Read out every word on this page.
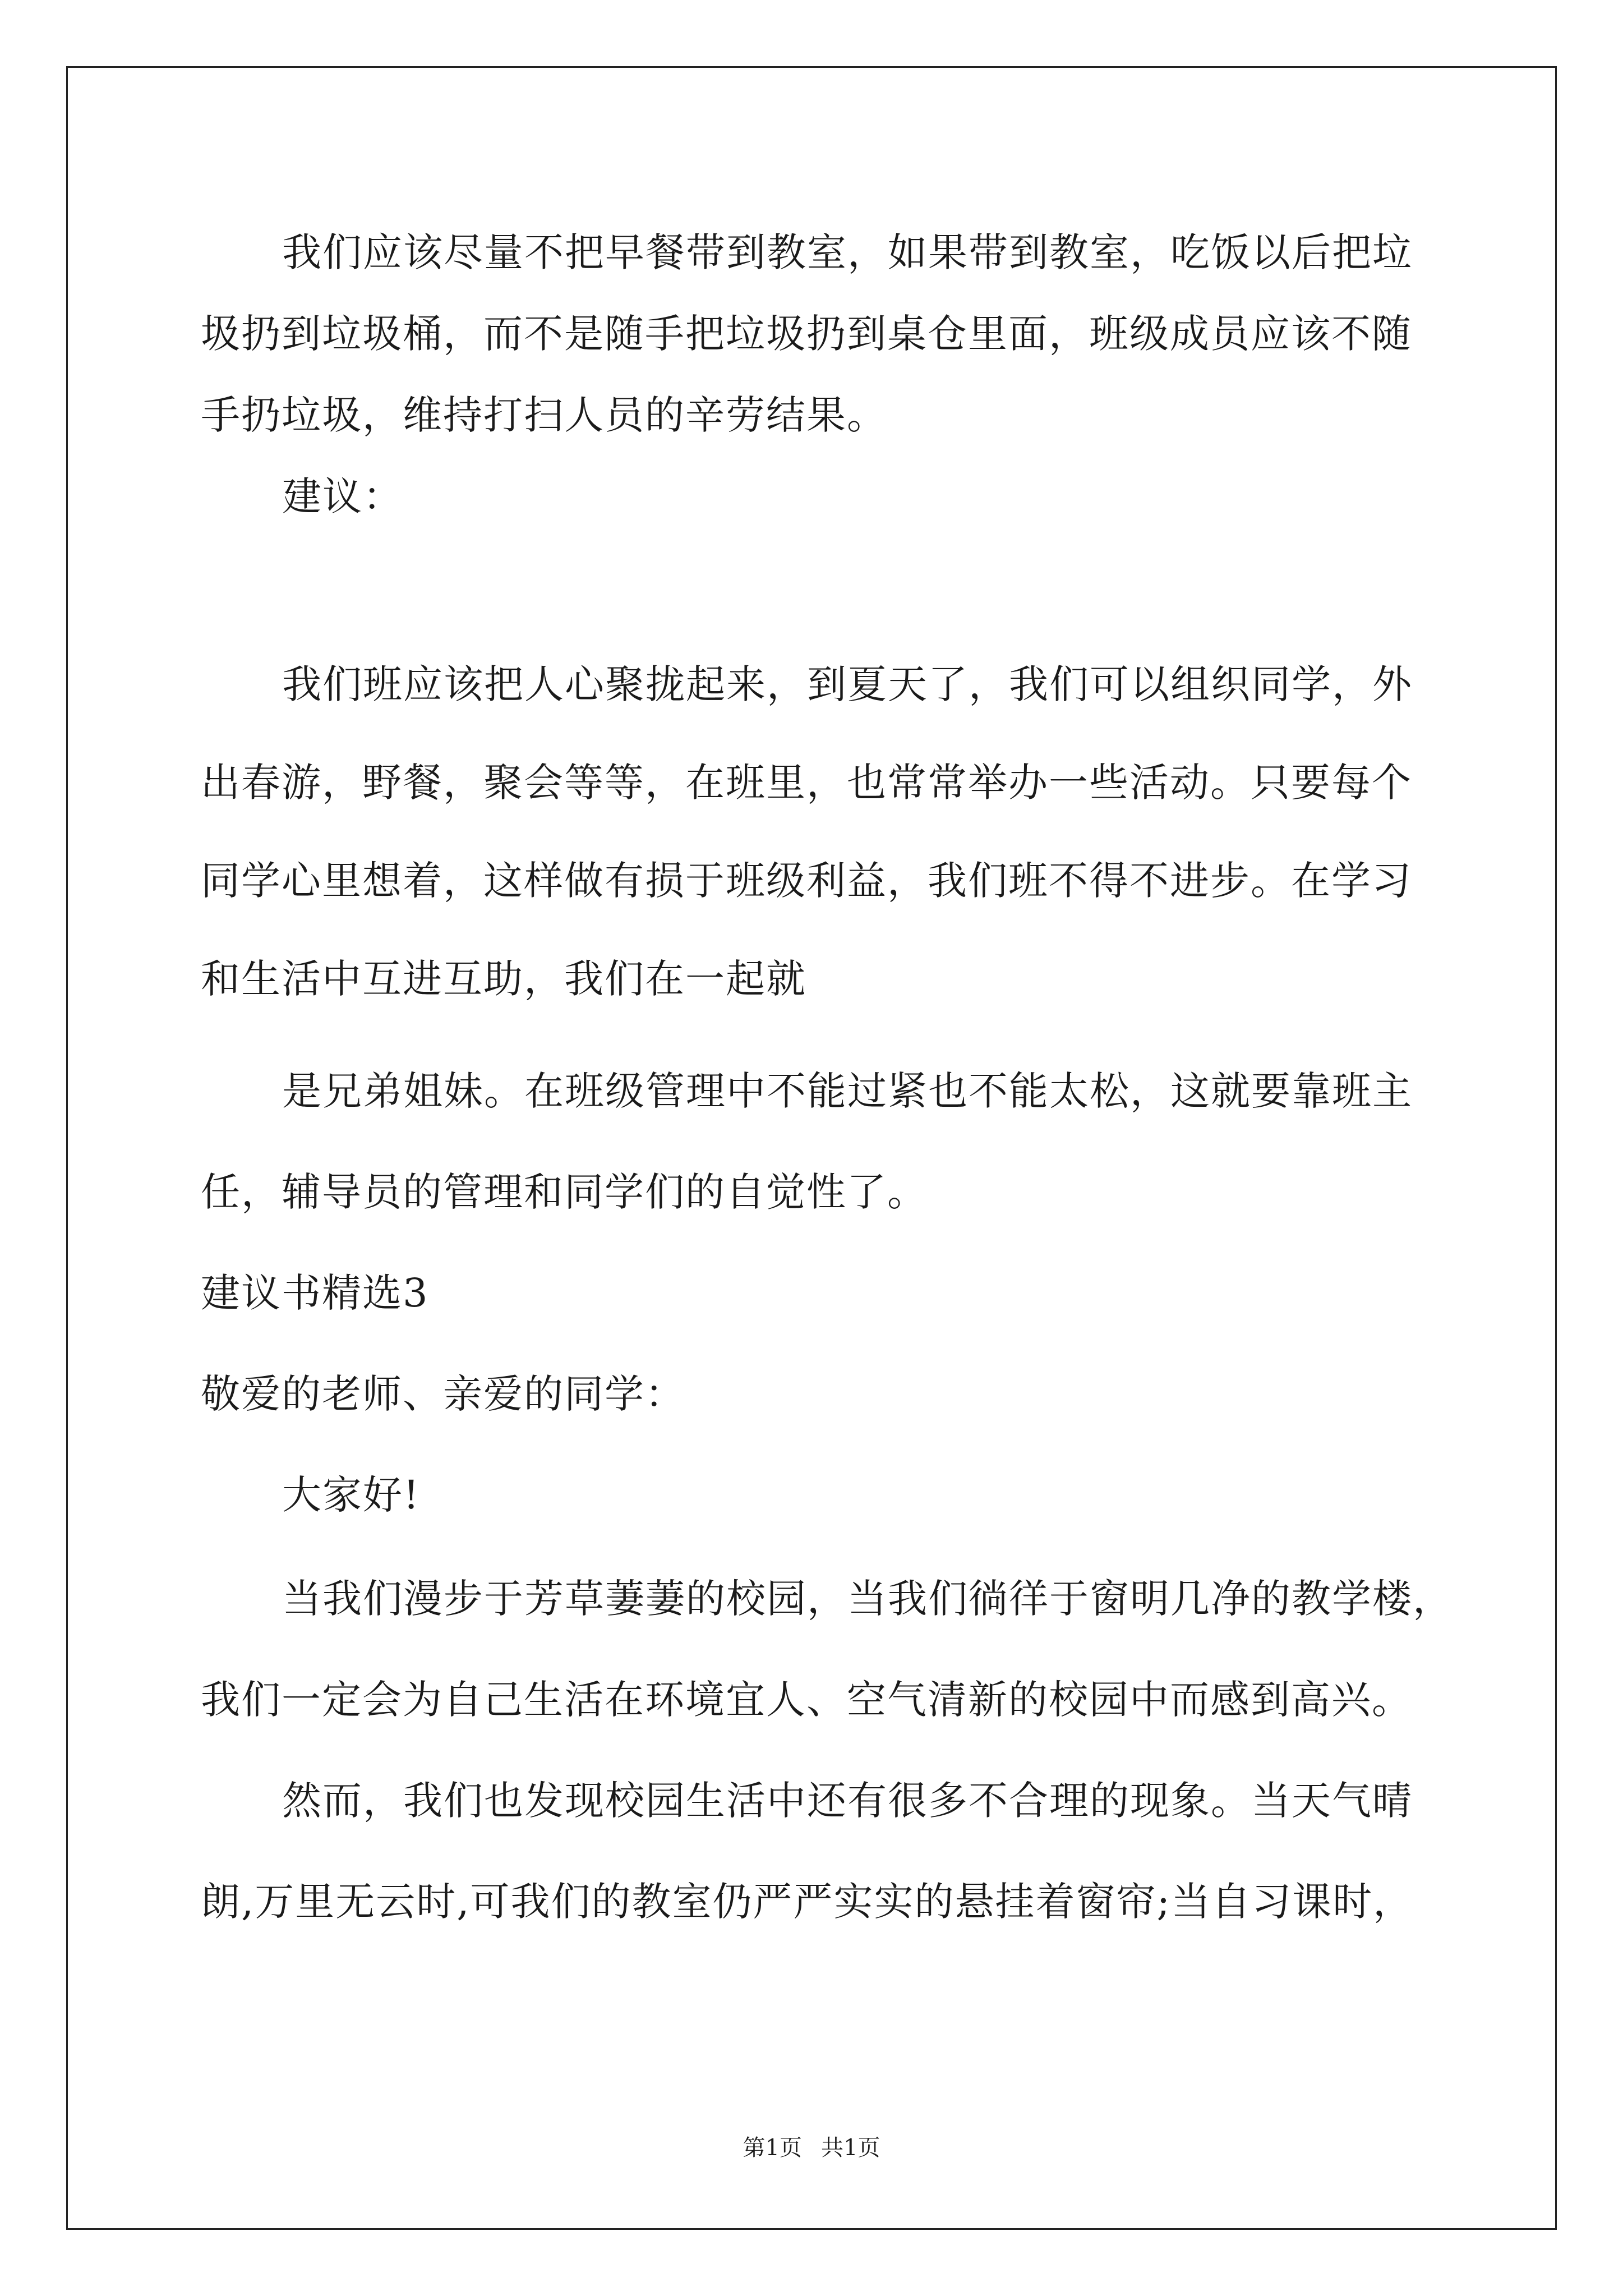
我们应该尽量不把早餐带到教室，如果带到教室，吃饭以后把垃
圾扔到垃圾桶，而不是随手把垃圾扔到桌仓里面，班级成员应该不随
手扔垃圾，维持打扫人员的辛劳结果。
建议：
我们班应该把人心聚拢起来，到夏天了，我们可以组织同学，外
出春游，野餐，聚会等等，在班里，也常常举办一些活动。只要每个
同学心里想着，这样做有损于班级利益，我们班不得不进步。在学习
和生活中互进互助，我们在一起就
是兄弟姐妹。在班级管理中不能过紧也不能太松，这就要靠班主
任，辅导员的管理和同学们的自觉性了。
建议书精选3
敬爱的老师、亲爱的同学：
大家好!
当我们漫步于芳草萋萋的校园，当我们徜徉于窗明几净的教学楼，
我们一定会为自己生活在环境宜人、空气清新的校园中而感到高兴。
然而，我们也发现校园生活中还有很多不合理的现象。当天气晴
朗,万里无云时,可我们的教室仍严严实实的悬挂着窗帘;当自习课时，
第1页 共1页
